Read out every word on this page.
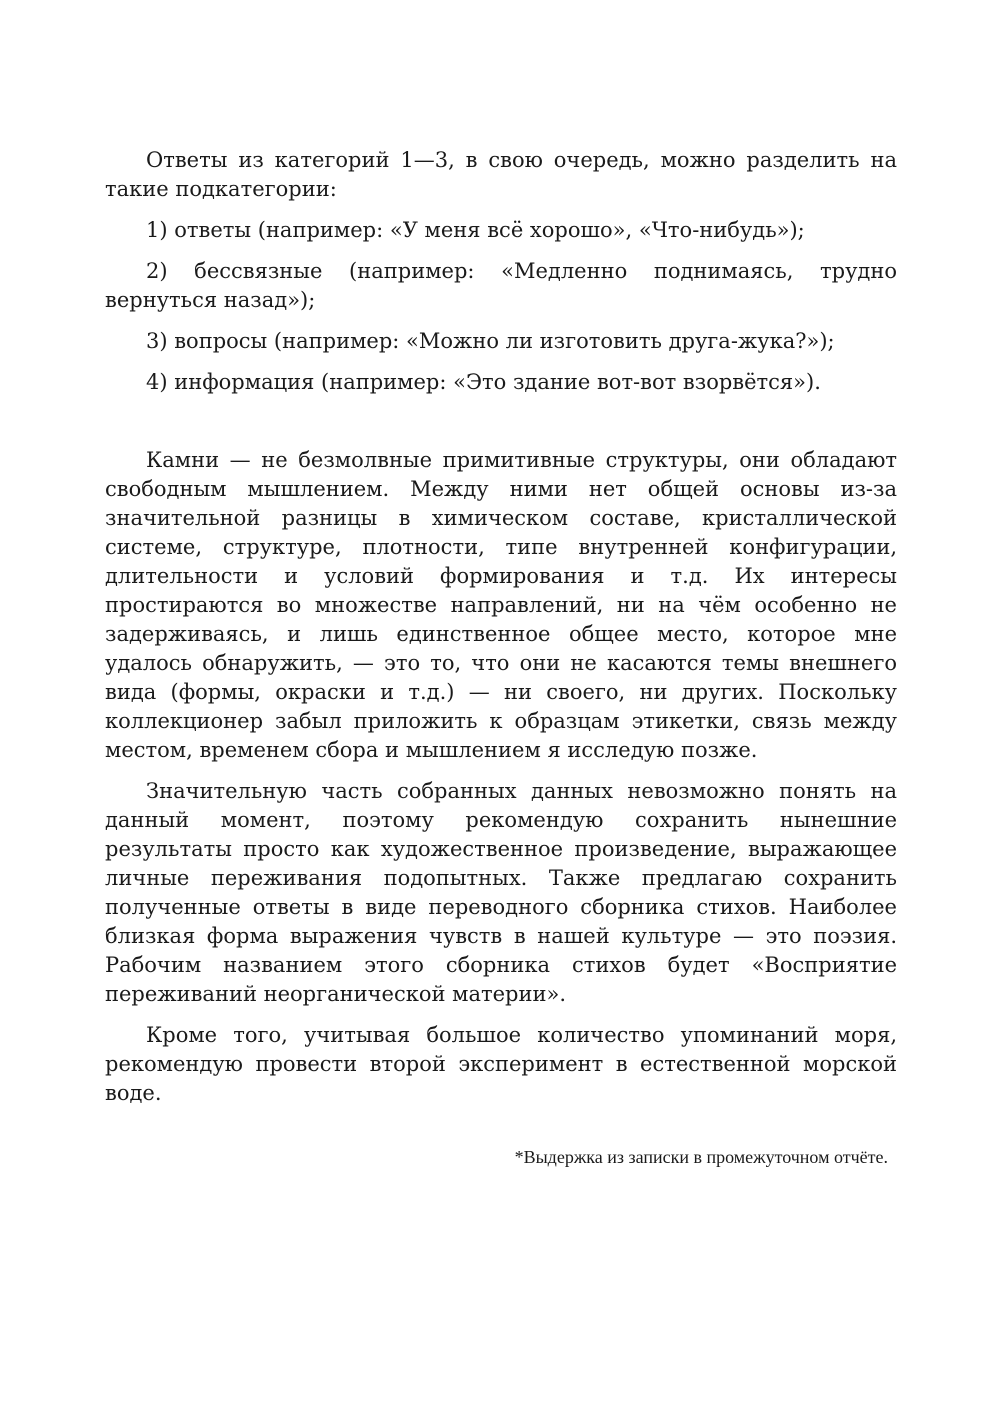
Ответы из категорий 1—3, в свою очередь, можно разделить на такие подкатегории:

1) ответы (например: «У меня всё хорошо», «Что-нибудь»);

2) бессвязные (например: «Медленно поднимаясь, трудно вернуться назад»);

3) вопросы (например: «Можно ли изготовить друга-жука?»);

4) информация (например: «Это здание вот-вот взорвётся»).

Камни — не безмолвные примитивные структуры, они обладают свободным мышлением. Между ними нет общей основы из-за значительной разницы в химическом составе, кристаллической системе, структуре, плотности, типе внутренней конфигурации, длительности и условий формирования и т.д. Их интересы простираются во множестве направлений, ни на чём особенно не задерживаясь, и лишь единственное общее место, которое мне удалось обнаружить, — это то, что они не касаются темы внешнего вида (формы, окраски и т.д.) — ни своего, ни других. Поскольку коллекционер забыл приложить к образцам этикетки, связь между местом, временем сбора и мышлением я исследую позже.

Значительную часть собранных данных невозможно понять на данный момент, поэтому рекомендую сохранить нынешние результаты просто как художественное произведение, выражающее личные переживания подопытных. Также предлагаю сохранить полученные ответы в виде переводного сборника стихов. Наиболее близкая форма выражения чувств в нашей культуре — это поэзия. Рабочим названием этого сборника стихов будет «Восприятие переживаний неорганической материи».

Кроме того, учитывая большое количество упоминаний моря, рекомендую провести второй эксперимент в естественной морской воде.

*Выдержка из записки в промежуточном отчёте.
